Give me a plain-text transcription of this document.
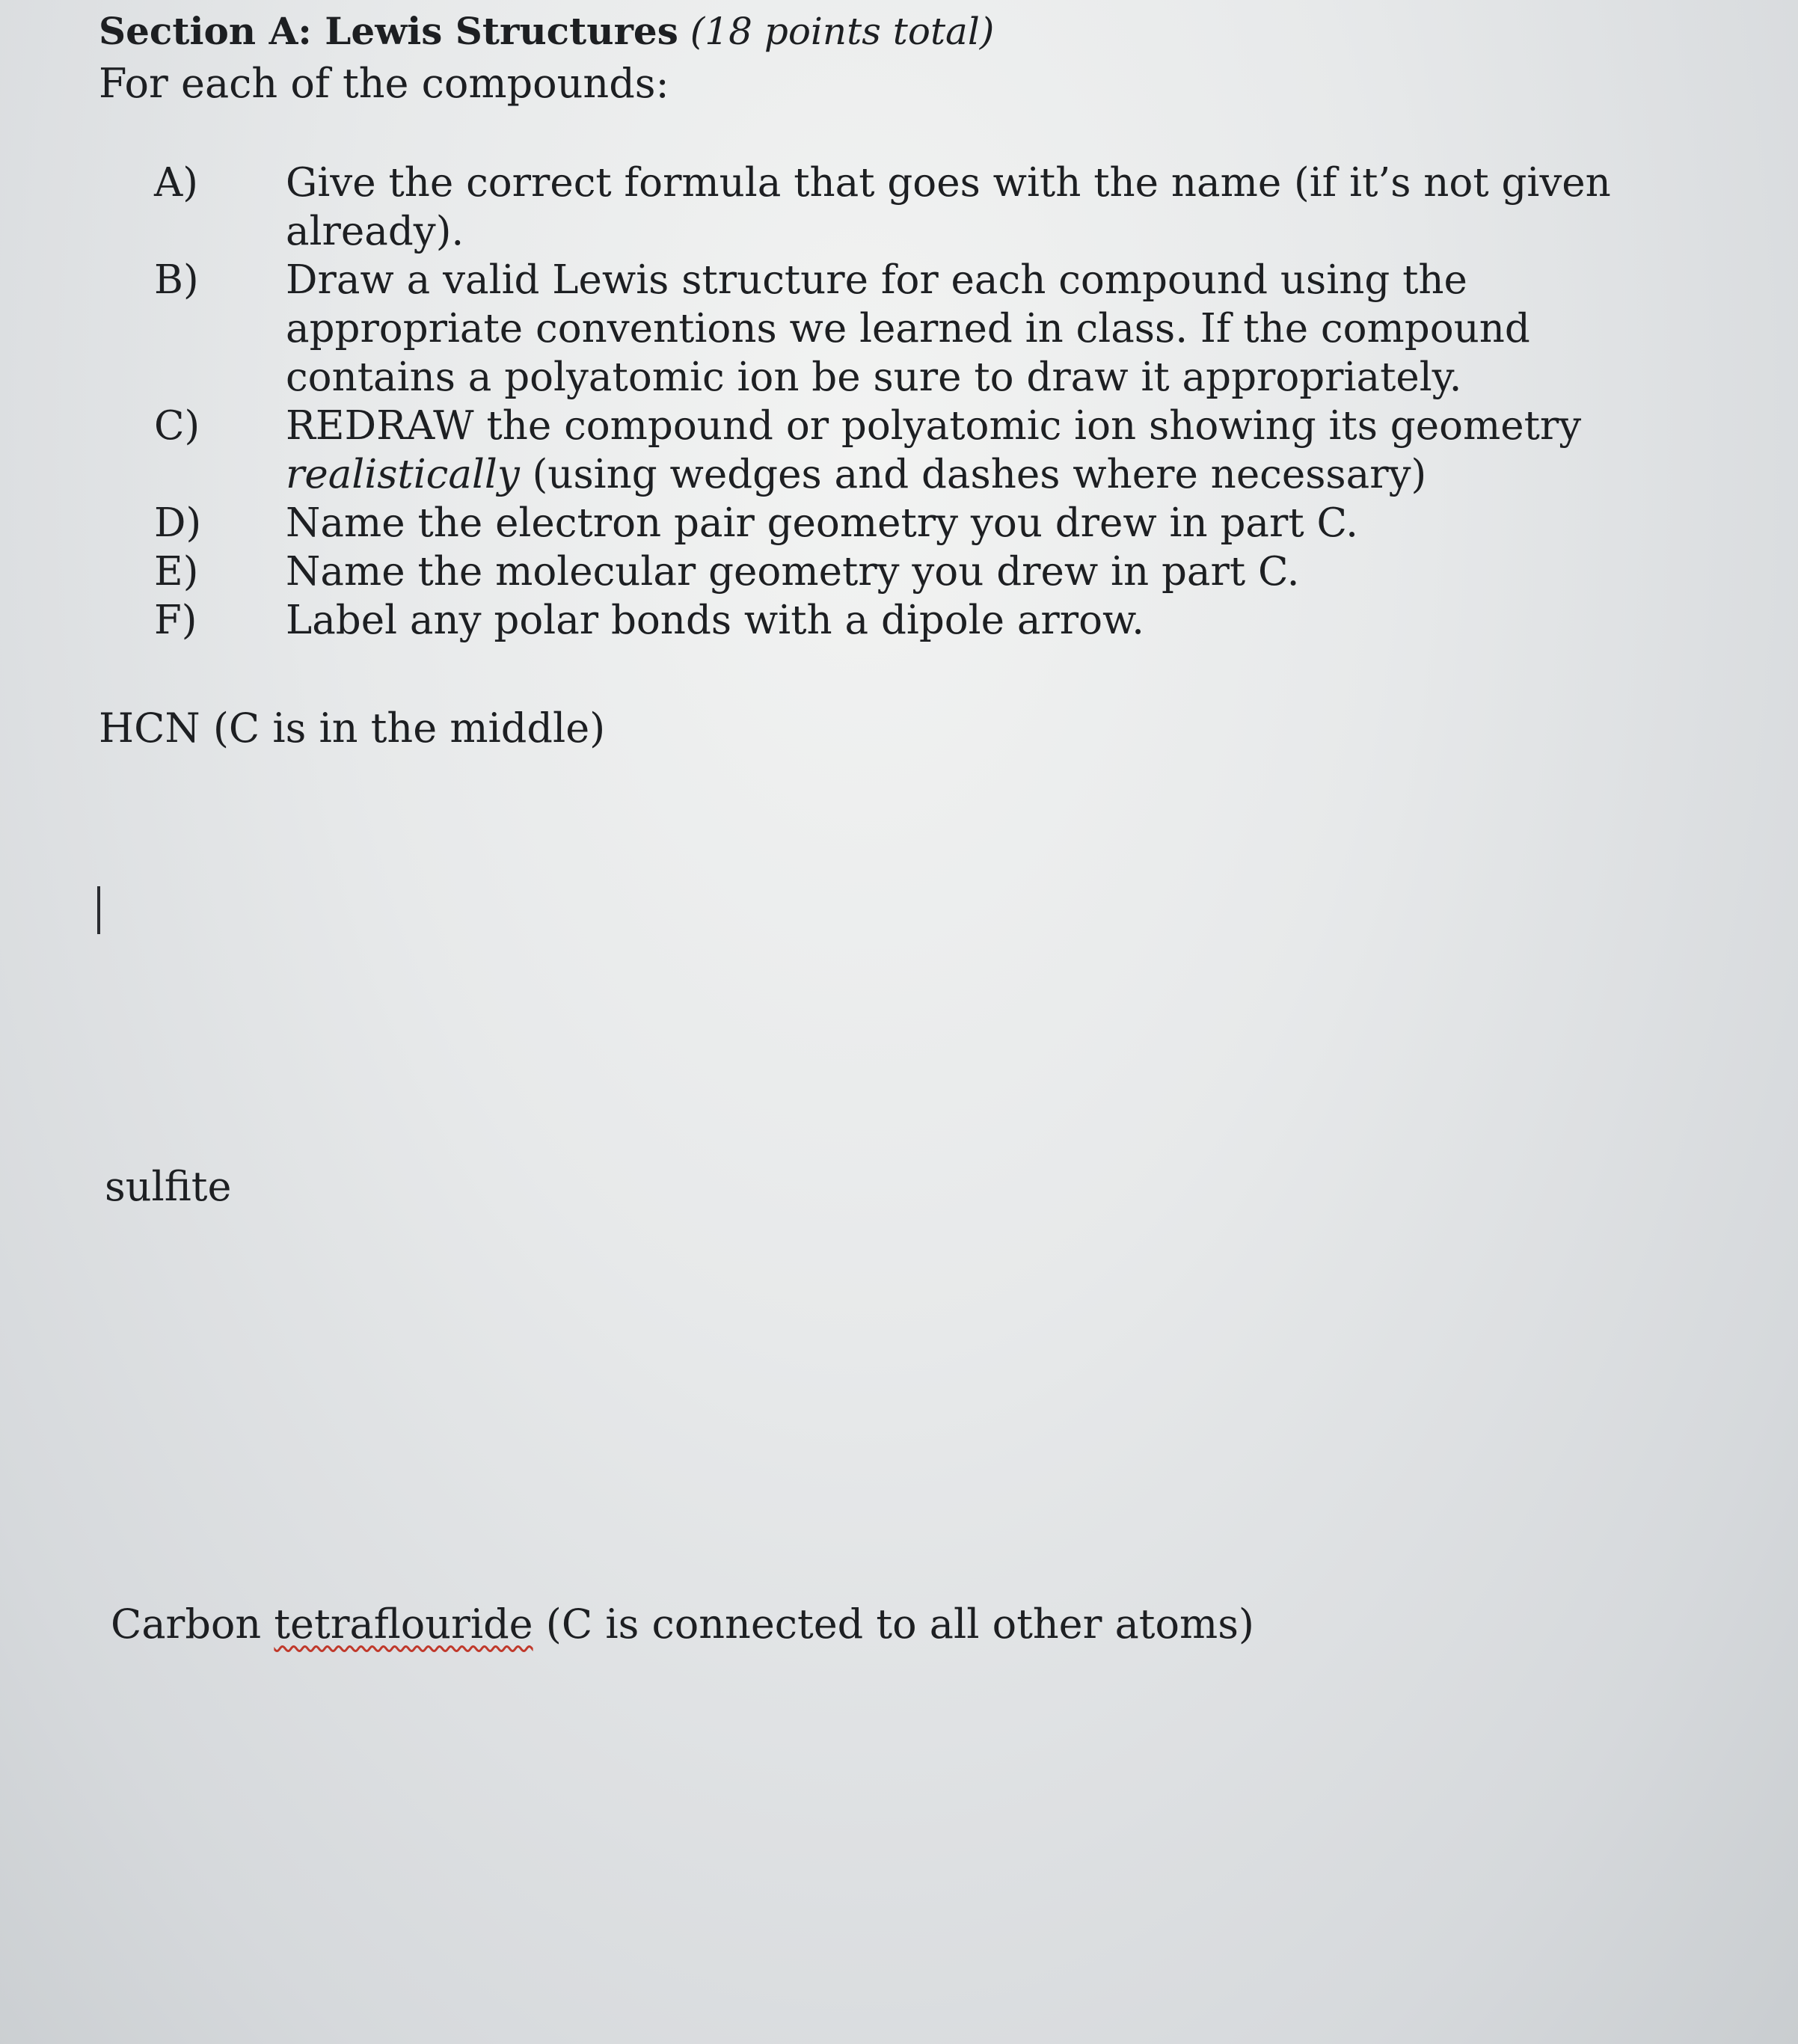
Section A: Lewis Structures (18 points total)
For each of the compounds:
A)	Give the correct formula that goes with the name (if it’s not given already).
B)	Draw a valid Lewis structure for each compound using the appropriate conventions we learned in class. If the compound contains a polyatomic ion be sure to draw it appropriately.
C)	REDRAW the compound or polyatomic ion showing its geometry realistically (using wedges and dashes where necessary)
D)	Name the electron pair geometry you drew in part C.
E)	Name the molecular geometry you drew in part C.
F)	Label any polar bonds with a dipole arrow.
HCN (C is in the middle)
sulfite
Carbon tetraflouride (C is connected to all other atoms)
